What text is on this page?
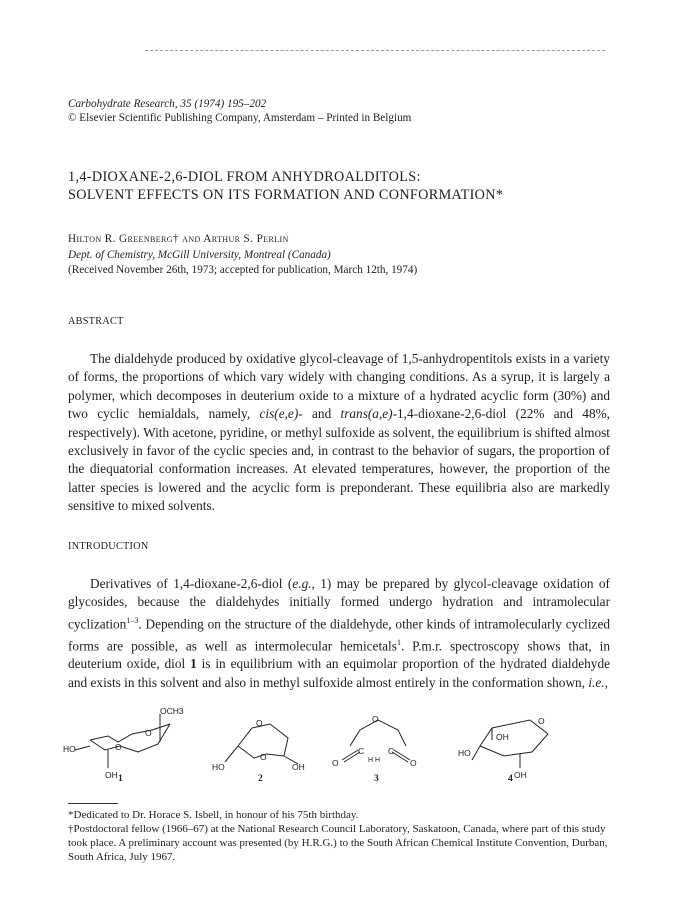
Carbohydrate Research, 35 (1974) 195–202
© Elsevier Scientific Publishing Company, Amsterdam – Printed in Belgium
1,4-DIOXANE-2,6-DIOL FROM ANHYDROALDITOLS:
SOLVENT EFFECTS ON ITS FORMATION AND CONFORMATION*
Hilton R. Greenberg† and Arthur S. Perlin
Dept. of Chemistry, McGill University, Montreal (Canada)
(Received November 26th, 1973; accepted for publication, March 12th, 1974)
ABSTRACT

The dialdehyde produced by oxidative glycol-cleavage of 1,5-anhydropentitols exists in a variety of forms, the proportions of which vary widely with changing conditions. As a syrup, it is largely a polymer, which decomposes in deuterium oxide to a mixture of a hydrated acyclic form (30%) and two cyclic hemialdals, namely, cis(e,e)- and trans(a,e)-1,4-dioxane-2,6-diol (22% and 48%, respectively). With acetone, pyridine, or methyl sulfoxide as solvent, the equilibrium is shifted almost exclusively in favor of the cyclic species and, in contrast to the behavior of sugars, the proportion of the diequatorial conformation increases. At elevated temperatures, however, the proportion of the latter species is lowered and the acyclic form is preponderant. These equilibria also are markedly sensitive to mixed solvents.

INTRODUCTION

Derivatives of 1,4-dioxane-2,6-diol (e.g., 1) may be prepared by glycol-cleavage oxidation of glycosides, because the dialdehydes initially formed undergo hydration and intramolecular cyclization$^{1-3}$. Depending on the structure of the dialdehyde, other kinds of intramolecularly cyclized forms are possible, as well as intermolecular hemicetals$^1$. P.m.r. spectroscopy shows that, in deuterium oxide, diol 1 is in equilibrium with an equimolar proportion of the hydrated dialdehyde and exists in this solvent and also in methyl sulfoxide almost entirely in the conformation shown, i.e.,

OCH3
HO	O
O
OH
O
O
HO	OH
O
O
C
H H
C
O
O
OH
HO
OH
1	2	3	4

*Dedicated to Dr. Horace S. Isbell, in honour of his 75th birthday.

†Postdoctoral fellow (1966–67) at the National Research Council Laboratory, Saskatoon, Canada, where part of this study took place. A preliminary account was presented (by H.R.G.) to the South African Chemical Institute Convention, Durban, South Africa, July 1967.
